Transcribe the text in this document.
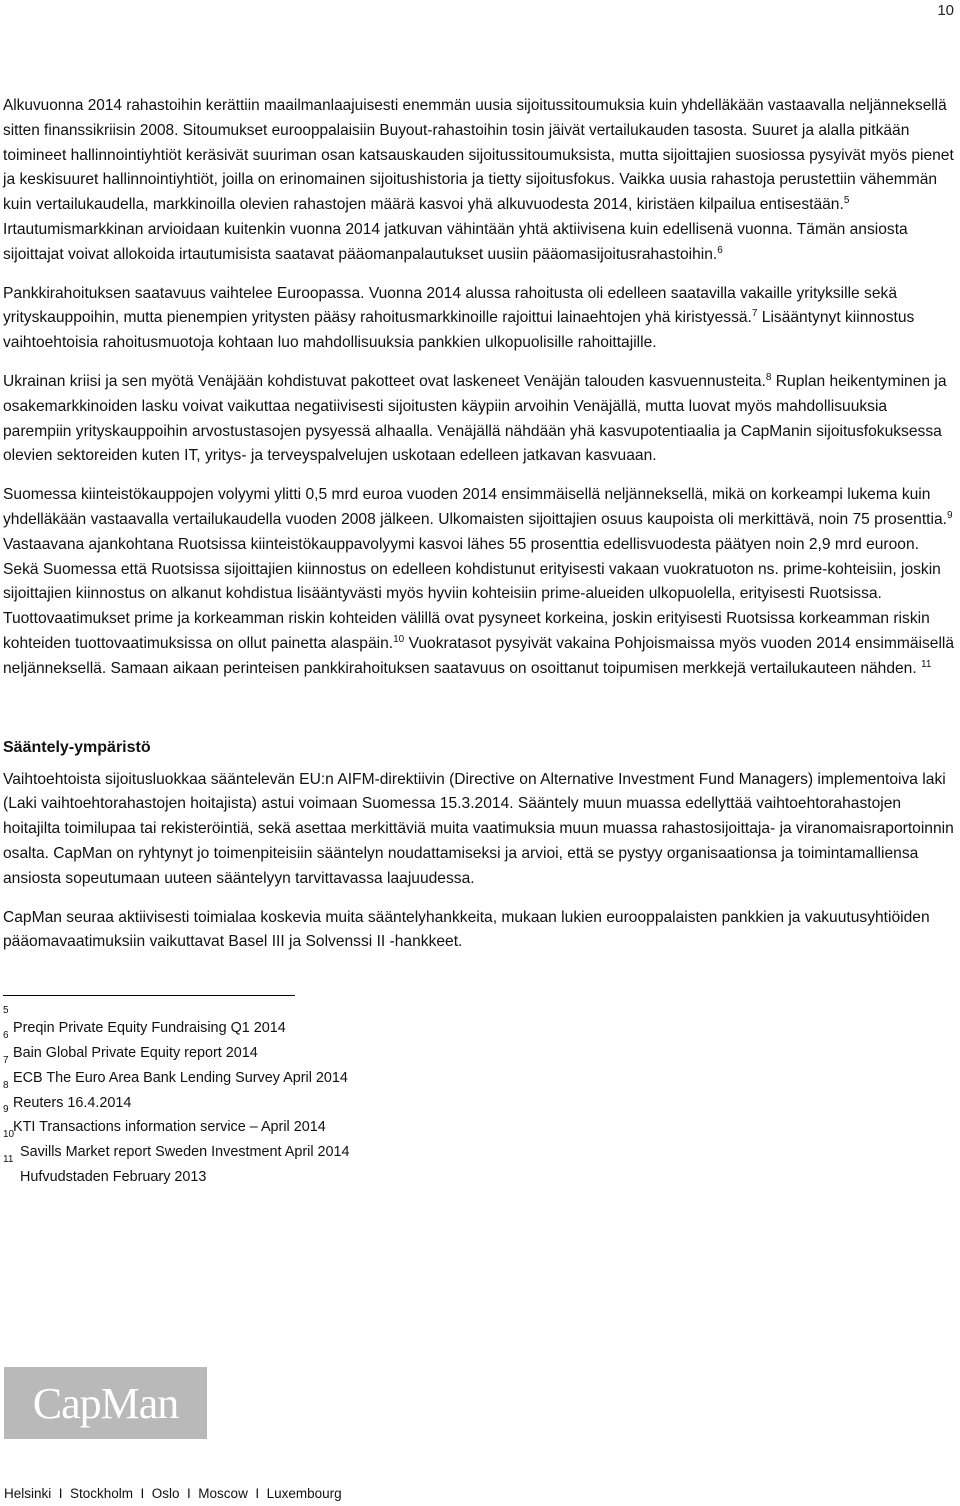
10

Alkuvuonna 2014 rahastoihin kerättiin maailmanlaajuisesti enemmän uusia sijoitussitoumuksia kuin yhdelläkään vastaavalla neljänneksellä sitten finanssikriisin 2008. Sitoumukset eurooppalaisiin Buyout-rahastoihin tosin jäivät vertailukauden tasosta. Suuret ja alalla pitkään toimineet hallinnointiyhtiöt keräsivät suuriman osan katsauskauden sijoitussitoumuksista, mutta sijoittajien suosiossa pysyivät myös pienet ja keskisuuret hallinnointiyhtiöt, joilla on erinomainen sijoitushistoria ja tietty sijoitusfokus. Vaikka uusia rahastoja perustettiin vähemmän kuin vertailukaudella, markkinoilla olevien rahastojen määrä kasvoi yhä alkuvuodesta 2014, kiristäen kilpailua entisestään.$^5$ Irtautumismarkkinan arvioidaan kuitenkin vuonna 2014 jatkuvan vähintään yhtä aktiivisena kuin edellisenä vuonna. Tämän ansiosta sijoittajat voivat allokoida irtautumisista saatavat pääomanpalautukset uusiin pääomasijoitusrahastoihin.$^6$

Pankkirahoituksen saatavuus vaihtelee Euroopassa. Vuonna 2014 alussa rahoitusta oli edelleen saatavilla vakaille yrityksille sekä yrityskauppoihin, mutta pienempien yritysten pääsy rahoitusmarkkinoille rajoittui lainaehtojen yhä kiristyessä.$^7$ Lisääntynyt kiinnostus vaihtoehtoisia rahoitusmuotoja kohtaan luo mahdollisuuksia pankkien ulkopuolisille rahoittajille.

Ukrainan kriisi ja sen myötä Venäjään kohdistuvat pakotteet ovat laskeneet Venäjän talouden kasvuennusteita.$^8$ Ruplan heikentyminen ja osakemarkkinoiden lasku voivat vaikuttaa negatiivisesti sijoitusten käypiin arvoihin Venäjällä, mutta luovat myös mahdollisuuksia parempiin yrityskauppoihin arvostustasojen pysyessä alhaalla. Venäjällä nähdään yhä kasvupotentiaalia ja CapManin sijoitusfokuksessa olevien sektoreiden kuten IT, yritys- ja terveyspalvelujen uskotaan edelleen jatkavan kasvuaan.

Suomessa kiinteistökauppojen volyymi ylitti 0,5 mrd euroa vuoden 2014 ensimmäisellä neljänneksellä, mikä on korkeampi lukema kuin yhdelläkään vastaavalla vertailukaudella vuoden 2008 jälkeen. Ulkomaisten sijoittajien osuus kaupoista oli merkittävä, noin 75 prosenttia.$^9$ Vastaavana ajankohtana Ruotsissa kiinteistökauppavolyymi kasvoi lähes 55 prosenttia edellisvuodesta päätyen noin 2,9 mrd euroon. Sekä Suomessa että Ruotsissa sijoittajien kiinnostus on edelleen kohdistunut erityisesti vakaan vuokratuoton ns. prime-kohteisiin, joskin sijoittajien kiinnostus on alkanut kohdistua lisääntyvästi myös hyviin kohteisiin prime-alueiden ulkopuolella, erityisesti Ruotsissa. Tuottovaatimukset prime ja korkeamman riskin kohteiden välillä ovat pysyneet korkeina, joskin erityisesti Ruotsissa korkeamman riskin kohteiden tuottovaatimuksissa on ollut painetta alaspäin.$^{10}$ Vuokratasot pysyivät vakaina Pohjoismaissa myös vuoden 2014 ensimmäisellä neljänneksellä. Samaan aikaan perinteisen pankkirahoituksen saatavuus on osoittanut toipumisen merkkejä vertailukauteen nähden. $^{11}$

Sääntely-ympäristö

Vaihtoehtoista sijoitusluokkaa sääntelevän EU:n AIFM-direktiivin (Directive on Alternative Investment Fund Managers) implementoiva laki (Laki vaihtoehtorahastojen hoitajista) astui voimaan Suomessa 15.3.2014. Sääntely muun muassa edellyttää vaihtoehtorahastojen hoitajilta toimilupaa tai rekisteröintiä, sekä asettaa merkittäviä muita vaatimuksia muun muassa rahastosijoittaja- ja viranomaisraportoinnin osalta. CapMan on ryhtynyt jo toimenpiteisiin sääntelyn noudattamiseksi ja arvioi, että se pystyy organisaationsa ja toimintamalliensa ansiosta sopeutumaan uuteen sääntelyyn tarvittavassa laajuudessa.

CapMan seuraa aktiivisesti toimialaa koskevia muita sääntelyhankkeita, mukaan lukien eurooppalaisten pankkien ja vakuutusyhtiöiden pääomavaatimuksiin vaikuttavat Basel III ja Solvenssi II -hankkeet.

5
Preqin Private Equity Fundraising Q1 2014
6
Bain Global Private Equity report 2014
7
ECB The Euro Area Bank Lending Survey April 2014
8
Reuters 16.4.2014
9
KTI Transactions information service – April 2014
10
Savills Market report Sweden Investment April 2014
11
Hufvudstaden February 2013
CapMan
Helsinki  I  Stockholm  I  Oslo  I  Moscow  I  Luxembourg
